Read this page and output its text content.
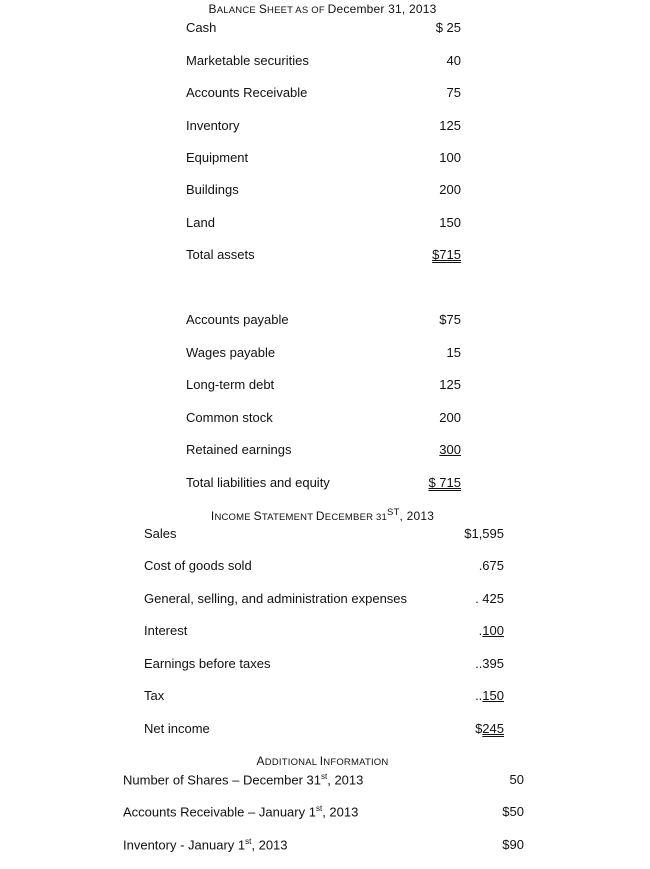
BALANCE SHEET AS OF December 31, 2013
Cash	$ 25
Marketable securities	40
Accounts Receivable	75
Inventory	125
Equipment	100
Buildings	200
Land	150
Total assets	$715
Accounts payable	$75
Wages payable	15
Long-term debt	125
Common stock	200
Retained earnings	300
Total liabilities and equity	$ 715
INCOME STATEMENT DECEMBER 31ST, 2013
Sales	$1,595
Cost of goods sold	.675
General, selling, and administration expenses	. 425
Interest	.100
Earnings before taxes	..395
Tax	..150
Net income	$245
ADDITIONAL INFORMATION
Number of Shares – December 31st, 2013	50
Accounts Receivable – January 1st, 2013	$50
Inventory - January 1st, 2013	$90
